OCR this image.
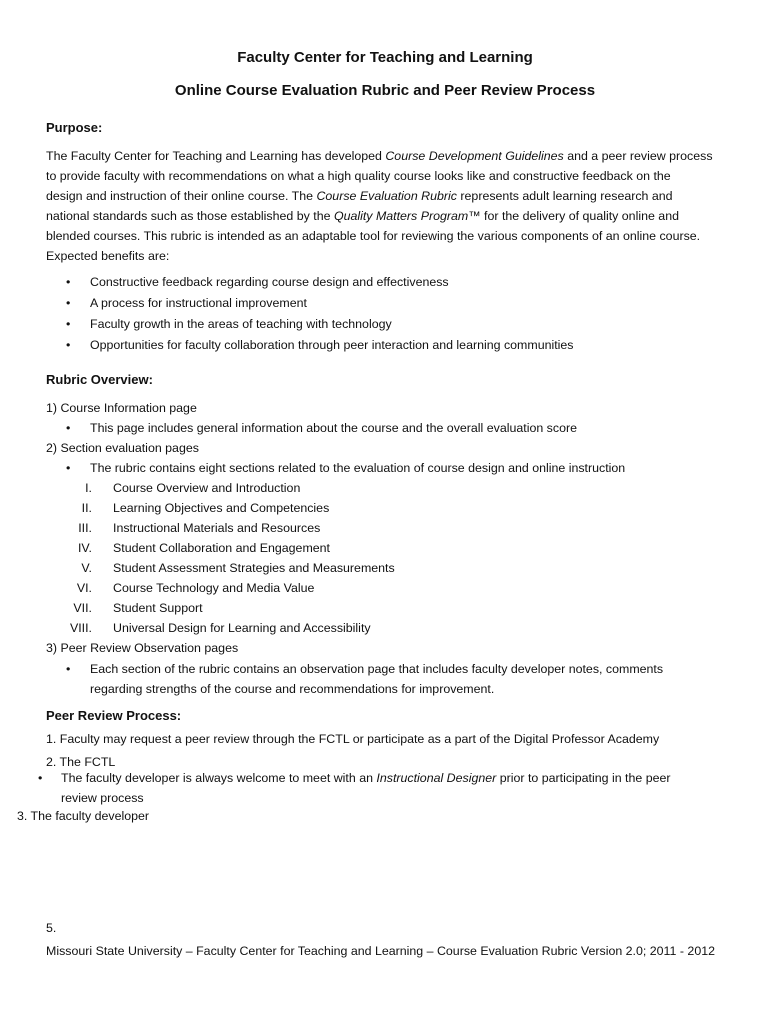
Faculty Center for Teaching and Learning
Online Course Evaluation Rubric and Peer Review Process
Purpose:
The Faculty Center for Teaching and Learning has developed Course Development Guidelines and a peer review process
to provide faculty with recommendations on what a high quality course looks like and constructive feedback on the
design and instruction of their online course. The Course Evaluation Rubric represents adult learning research and
national standards such as those established by the Quality Matters Program™ for the delivery of quality online and
blended courses. This rubric is intended as an adaptable tool for reviewing the various components of an online course.
Expected benefits are:
• Constructive feedback regarding course design and effectiveness
• A process for instructional improvement
• Faculty growth in the areas of teaching with technology
• Opportunities for faculty collaboration through peer interaction and learning communities
Rubric Overview:
1) Course Information page
• This page includes general information about the course and the overall evaluation score
2) Section evaluation pages
• The rubric contains eight sections related to the evaluation of course design and online instruction
I. Course Overview and Introduction
II. Learning Objectives and Competencies
III. Instructional Materials and Resources
IV. Student Collaboration and Engagement
V. Student Assessment Strategies and Measurements
VI. Course Technology and Media Value
VII. Student Support
VIII. Universal Design for Learning and Accessibility
3) Peer Review Observation pages
• Each section of the rubric contains an observation page that includes faculty developer notes, comments
regarding strengths of the course and recommendations for improvement.
Peer Review Process:
1. Faculty may request a peer review through the FCTL or participate as a part of the Digital Professor Academy
2. The FCTL
• The faculty developer is always welcome to meet with an Instructional Designer prior to participating in the peer
review process
3. The faculty developer
5.
Missouri State University – Faculty Center for Teaching and Learning – Course Evaluation Rubric Version 2.0; 2011 - 2012
